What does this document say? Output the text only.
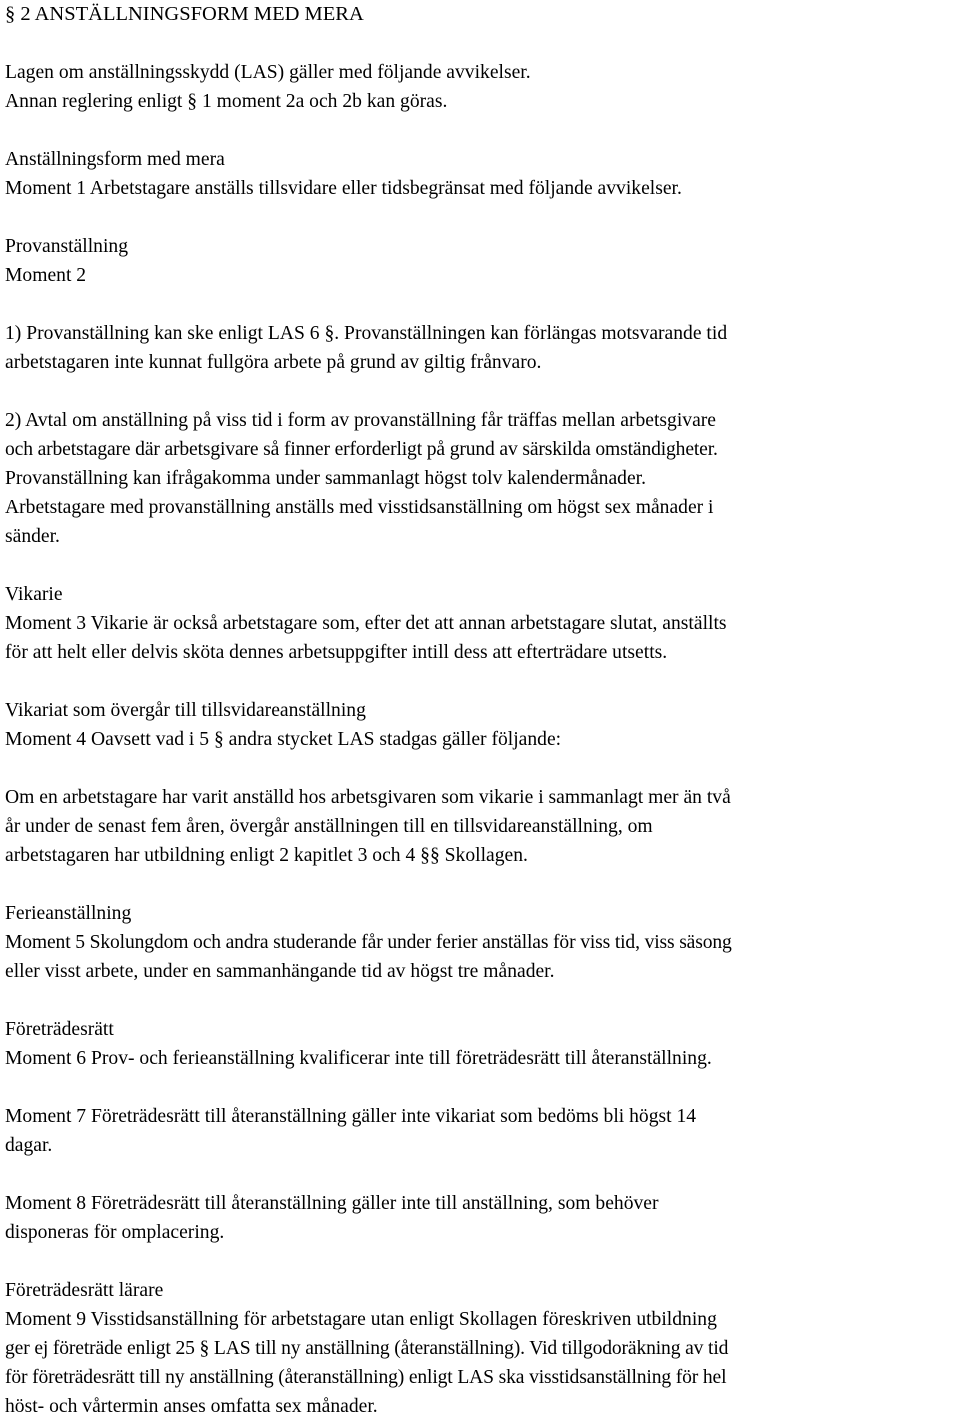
§ 2 ANSTÄLLNINGSFORM MED MERA

Lagen om anställningsskydd (LAS) gäller med följande avvikelser.

Annan reglering enligt § 1 moment 2a och 2b kan göras.

Anställningsform med mera

Moment 1 Arbetstagare anställs tillsvidare eller tidsbegränsat med följande avvikelser.

Provanställning

Moment 2

1) Provanställning kan ske enligt LAS 6 §. Provanställningen kan förlängas motsvarande tid

arbetstagaren inte kunnat fullgöra arbete på grund av giltig frånvaro.

2) Avtal om anställning på viss tid i form av provanställning får träffas mellan arbetsgivare

och arbetstagare där arbetsgivare så finner erforderligt på grund av särskilda omständigheter.

Provanställning kan ifrågakomma under sammanlagt högst tolv kalendermånader.

Arbetstagare med provanställning anställs med visstidsanställning om högst sex månader i

sänder.

Vikarie

Moment 3 Vikarie är också arbetstagare som, efter det att annan arbetstagare slutat, anställts

för att helt eller delvis sköta dennes arbetsuppgifter intill dess att efterträdare utsetts.

Vikariat som övergår till tillsvidareanställning

Moment 4 Oavsett vad i 5 § andra stycket LAS stadgas gäller följande:

Om en arbetstagare har varit anställd hos arbetsgivaren som vikarie i sammanlagt mer än två

år under de senast fem åren, övergår anställningen till en tillsvidareanställning, om

arbetstagaren har utbildning enligt 2 kapitlet 3 och 4 §§ Skollagen.

Ferieanställning

Moment 5 Skolungdom och andra studerande får under ferier anställas för viss tid, viss säsong

eller visst arbete, under en sammanhängande tid av högst tre månader.

Företrädesrätt

Moment 6 Prov- och ferieanställning kvalificerar inte till företrädesrätt till återanställning.

Moment 7 Företrädesrätt till återanställning gäller inte vikariat som bedöms bli högst 14

dagar.

Moment 8 Företrädesrätt till återanställning gäller inte till anställning, som behöver

disponeras för omplacering.

Företrädesrätt lärare

Moment 9 Visstidsanställning för arbetstagare utan enligt Skollagen föreskriven utbildning

ger ej företräde enligt 25 § LAS till ny anställning (återanställning). Vid tillgodoräkning av tid

för företrädesrätt till ny anställning (återanställning) enligt LAS ska visstidsanställning för hel

höst- och vårtermin anses omfatta sex månader.
